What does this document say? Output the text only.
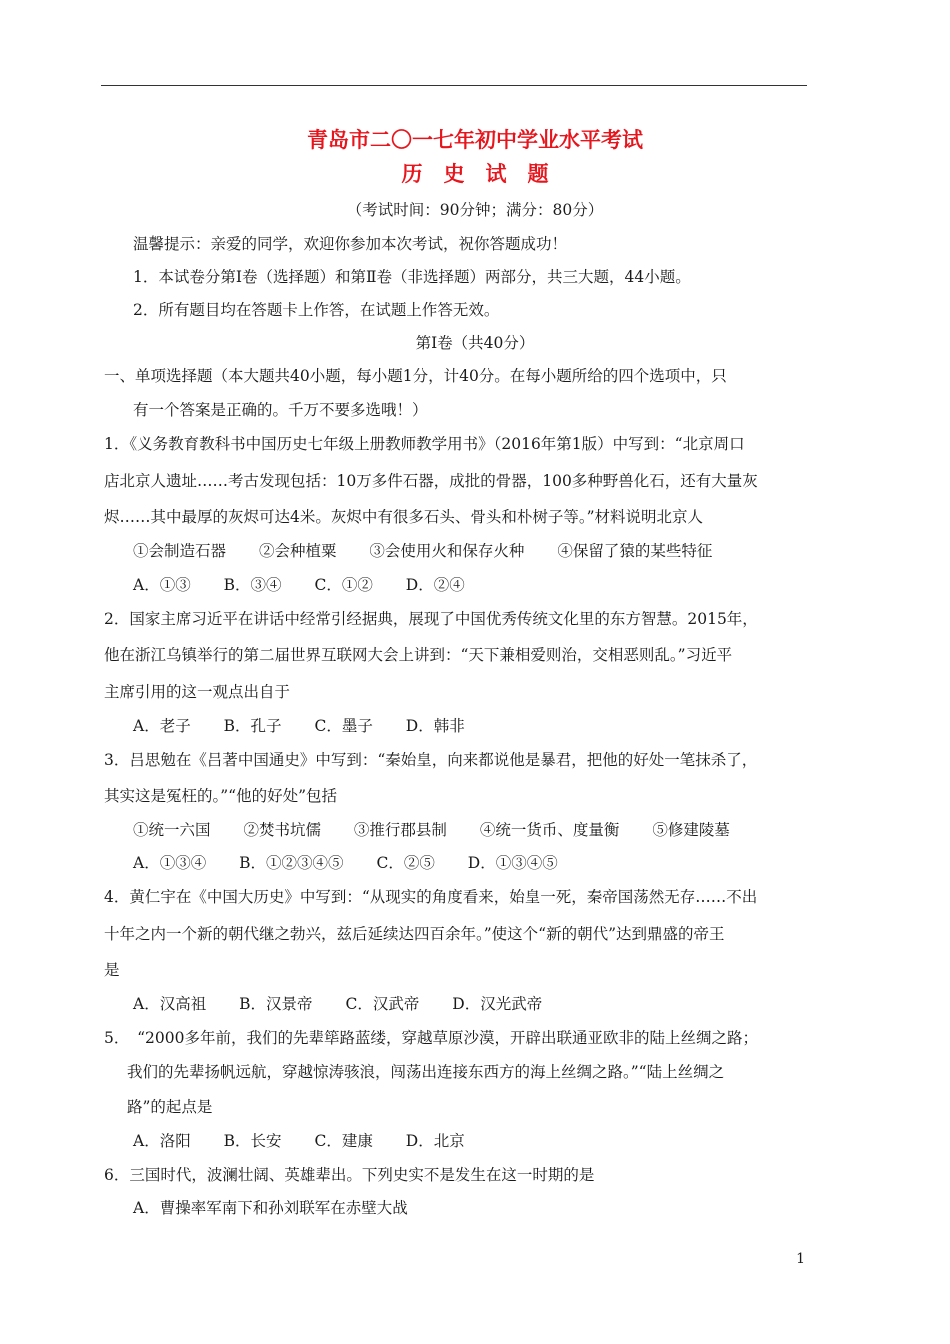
青岛市二〇一七年初中学业水平考试
历　史　试　题
（考试时间：90分钟；满分：80分）
温馨提示：亲爱的同学，欢迎你参加本次考试，祝你答题成功！
1．本试卷分第Ⅰ卷（选择题）和第Ⅱ卷（非选择题）两部分，共三大题，44小题。
2．所有题目均在答题卡上作答，在试题上作答无效。
第Ⅰ卷（共40分）
一、单项选择题（本大题共40小题，每小题1分，计40分。在每小题所给的四个选项中，只
有一个答案是正确的。千万不要多选哦！）
1．《义务教育教科书中国历史七年级上册教师教学用书》（2016年第1版）中写到：“北京周口
店北京人遗址……考古发现包括：10万多件石器，成批的骨器，100多种野兽化石，还有大量灰
烬……其中最厚的灰烬可达4米。灰烬中有很多石头、骨头和朴树子等。”材料说明北京人
①会制造石器 ②会种植粟 ③会使用火和保存火种 ④保留了猿的某些特征
A．①③ B．③④ C．①② D．②④
2．国家主席习近平在讲话中经常引经据典，展现了中国优秀传统文化里的东方智慧。2015年，
他在浙江乌镇举行的第二届世界互联网大会上讲到：“天下兼相爱则治，交相恶则乱。”习近平
主席引用的这一观点出自于
A．老子 B．孔子 C．墨子 D．韩非
3．吕思勉在《吕著中国通史》中写到：“秦始皇，向来都说他是暴君，把他的好处一笔抹杀了，
其实这是冤枉的。”“他的好处”包括
①统一六国 ②焚书坑儒 ③推行郡县制 ④统一货币、度量衡 ⑤修建陵墓
A．①③④ B．①②③④⑤ C．②⑤ D．①③④⑤
4．黄仁宇在《中国大历史》中写到：“从现实的角度看来，始皇一死，秦帝国荡然无存……不出
十年之内一个新的朝代继之勃兴，兹后延续达四百余年。”使这个“新的朝代”达到鼎盛的帝王
是
A．汉高祖 B．汉景帝 C．汉武帝 D．汉光武帝
5．　“2000多年前，我们的先辈筚路蓝缕，穿越草原沙漠，开辟出联通亚欧非的陆上丝绸之路；
我们的先辈扬帆远航，穿越惊涛骇浪，闯荡出连接东西方的海上丝绸之路。”“陆上丝绸之
路”的起点是
A．洛阳 B．长安 C．建康 D．北京
6．三国时代，波澜壮阔、英雄辈出。下列史实不是发生在这一时期的是
A．曹操率军南下和孙刘联军在赤壁大战
1
